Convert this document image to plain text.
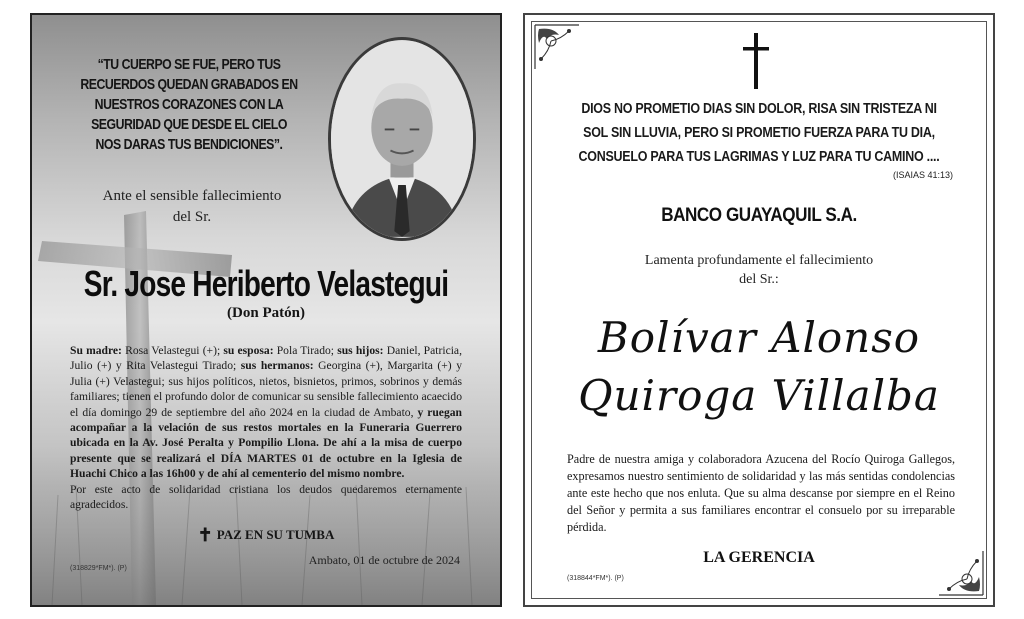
“TU CUERPO SE FUE, PERO TUS RECUERDOS QUEDAN GRABADOS EN NUESTROS CORAZONES CON LA SEGURIDAD QUE DESDE EL CIELO NOS DARAS TUS BENDICIONES”.
Ante el sensible fallecimiento
del Sr.
Sr. Jose Heriberto Velastegui
(Don Patón)
Su madre: Rosa Velastegui (+); su esposa: Pola Tirado; sus hijos: Daniel, Patricia, Julio (+) y Rita Velastegui Tirado; sus hermanos: Georgina (+), Margarita (+) y Julia (+) Velastegui; sus hijos políticos, nietos, bisnietos, primos, sobrinos y demás familiares; tienen el profundo dolor de comunicar su sensible fallecimiento acaecido el día domingo 29 de septiembre del año 2024 en la ciudad de Ambato, y ruegan acompañar a la velación de sus restos mortales en la Funeraria Guerrero ubicada en la Av. José Peralta y Pompilio Llona. De ahí a la misa de cuerpo presente que se realizará el DÍA MARTES 01 de octubre en la Iglesia de Huachi Chico a las 16h00 y de ahí al cementerio del mismo nombre.
Por este acto de solidaridad cristiana los deudos quedaremos eternamente agradecidos.
✝ PAZ EN SU TUMBA
Ambato, 01 de octubre de 2024
(318829*FM*). (P)
DIOS NO PROMETIO DIAS SIN DOLOR, RISA SIN TRISTEZA NI SOL SIN LLUVIA, PERO SI PROMETIO FUERZA PARA TU DIA, CONSUELO PARA TUS LAGRIMAS Y LUZ PARA TU CAMINO ....
(ISAIAS 41:13)
BANCO GUAYAQUIL S.A.
Lamenta profundamente el fallecimiento
del Sr.:
Bolívar Alonso
Quiroga Villalba
Padre de nuestra amiga y colaboradora Azucena del Rocío Quiroga Gallegos, expresamos nuestro sentimiento de solidaridad y las más sentidas condolencias ante este hecho que nos enluta. Que su alma descanse por siempre en el Reino del Señor y permita a sus familiares encontrar el consuelo por su irreparable pérdida.
LA GERENCIA
(318844*FM*). (P)
